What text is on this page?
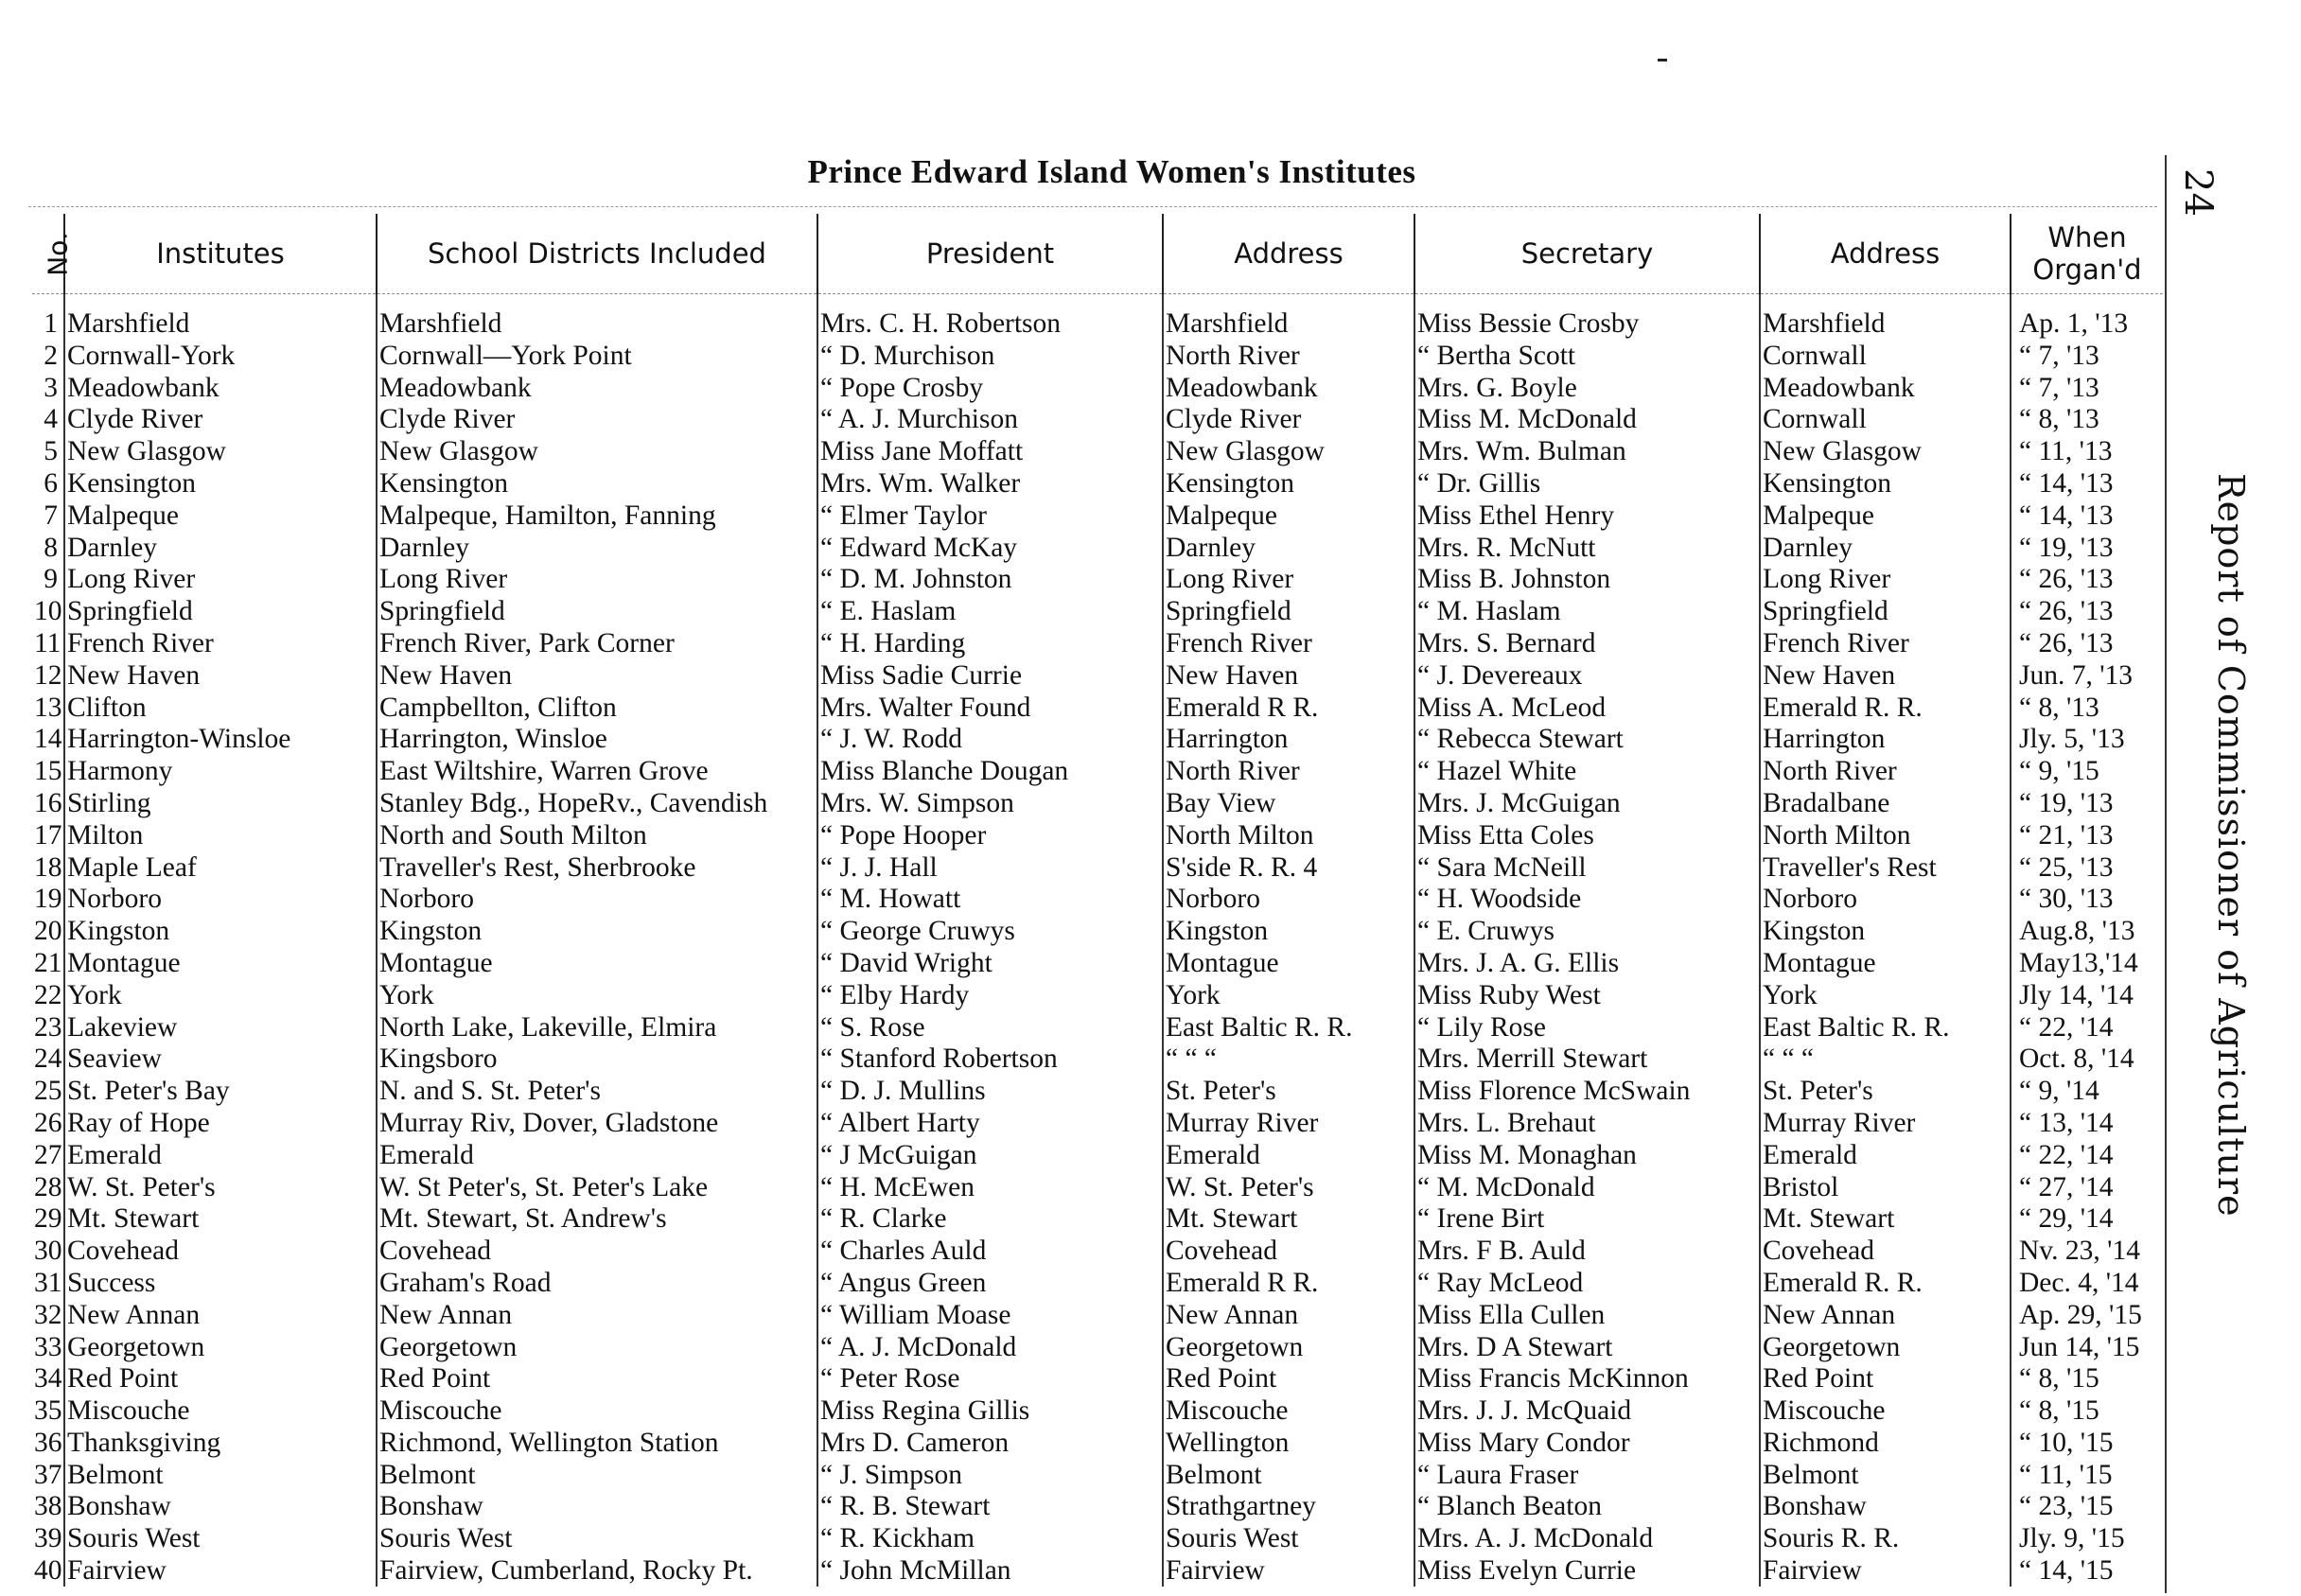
Prince Edward Island Women's Institutes	24
Report of Commissioner of Agriculture
No.	Institutes	School Districts Included	President	Address	Secretary	Address	When Organ'd
1	Marshfield	Marshfield	Mrs. C. H. Robertson	Marshfield	Miss Bessie Crosby	Marshfield	Ap. 1, '13
2	Cornwall-York	Cornwall—York Point	“ D. Murchison	North River	“ Bertha Scott	Cornwall	“ 7, '13
3	Meadowbank	Meadowbank	“ Pope Crosby	Meadowbank	Mrs. G. Boyle	Meadowbank	“ 7, '13
4	Clyde River	Clyde River	“ A. J. Murchison	Clyde River	Miss M. McDonald	Cornwall	“ 8, '13
5	New Glasgow	New Glasgow	Miss Jane Moffatt	New Glasgow	Mrs. Wm. Bulman	New Glasgow	“ 11, '13
6	Kensington	Kensington	Mrs. Wm. Walker	Kensington	“ Dr. Gillis	Kensington	“ 14, '13
7	Malpeque	Malpeque, Hamilton, Fanning	“ Elmer Taylor	Malpeque	Miss Ethel Henry	Malpeque	“ 14, '13
8	Darnley	Darnley	“ Edward McKay	Darnley	Mrs. R. McNutt	Darnley	“ 19, '13
9	Long River	Long River	“ D. M. Johnston	Long River	Miss B. Johnston	Long River	“ 26, '13
10	Springfield	Springfield	“ E. Haslam	Springfield	“ M. Haslam	Springfield	“ 26, '13
11	French River	French River, Park Corner	“ H. Harding	French River	Mrs. S. Bernard	French River	“ 26, '13
12	New Haven	New Haven	Miss Sadie Currie	New Haven	“ J. Devereaux	New Haven	Jun. 7, '13
13	Clifton	Campbellton, Clifton	Mrs. Walter Found	Emerald R R.	Miss A. McLeod	Emerald R. R.	“ 8, '13
14	Harrington-Winsloe	Harrington, Winsloe	“ J. W. Rodd	Harrington	“ Rebecca Stewart	Harrington	Jly. 5, '13
15	Harmony	East Wiltshire, Warren Grove	Miss Blanche Dougan	North River	“ Hazel White	North River	“ 9, '15
16	Stirling	Stanley Bdg., HopeRv., Cavendish	Mrs. W. Simpson	Bay View	Mrs. J. McGuigan	Bradalbane	“ 19, '13
17	Milton	North and South Milton	“ Pope Hooper	North Milton	Miss Etta Coles	North Milton	“ 21, '13
18	Maple Leaf	Traveller's Rest, Sherbrooke	“ J. J. Hall	S'side R. R. 4	“ Sara McNeill	Traveller's Rest	“ 25, '13
19	Norboro	Norboro	“ M. Howatt	Norboro	“ H. Woodside	Norboro	“ 30, '13
20	Kingston	Kingston	“ George Cruwys	Kingston	“ E. Cruwys	Kingston	Aug.8, '13
21	Montague	Montague	“ David Wright	Montague	Mrs. J. A. G. Ellis	Montague	May13,'14
22	York	York	“ Elby Hardy	York	Miss Ruby West	York	Jly 14, '14
23	Lakeview	North Lake, Lakeville, Elmira	“ S. Rose	East Baltic R. R.	“ Lily Rose	East Baltic R. R.	“ 22, '14
24	Seaview	Kingsboro	“ Stanford Robertson	“ “ “	Mrs. Merrill Stewart	“ “ “	Oct. 8, '14
25	St. Peter's Bay	N. and S. St. Peter's	“ D. J. Mullins	St. Peter's	Miss Florence McSwain	St. Peter's	“ 9, '14
26	Ray of Hope	Murray Riv, Dover, Gladstone	“ Albert Harty	Murray River	Mrs. L. Brehaut	Murray River	“ 13, '14
27	Emerald	Emerald	“ J McGuigan	Emerald	Miss M. Monaghan	Emerald	“ 22, '14
28	W. St. Peter's	W. St Peter's, St. Peter's Lake	“ H. McEwen	W. St. Peter's	“ M. McDonald	Bristol	“ 27, '14
29	Mt. Stewart	Mt. Stewart, St. Andrew's	“ R. Clarke	Mt. Stewart	“ Irene Birt	Mt. Stewart	“ 29, '14
30	Covehead	Covehead	“ Charles Auld	Covehead	Mrs. F B. Auld	Covehead	Nv. 23, '14
31	Success	Graham's Road	“ Angus Green	Emerald R R.	“ Ray McLeod	Emerald R. R.	Dec. 4, '14
32	New Annan	New Annan	“ William Moase	New Annan	Miss Ella Cullen	New Annan	Ap. 29, '15
33	Georgetown	Georgetown	“ A. J. McDonald	Georgetown	Mrs. D A Stewart	Georgetown	Jun 14, '15
34	Red Point	Red Point	“ Peter Rose	Red Point	Miss Francis McKinnon	Red Point	“ 8, '15
35	Miscouche	Miscouche	Miss Regina Gillis	Miscouche	Mrs. J. J. McQuaid	Miscouche	“ 8, '15
36	Thanksgiving	Richmond, Wellington Station	Mrs D. Cameron	Wellington	Miss Mary Condor	Richmond	“ 10, '15
37	Belmont	Belmont	“ J. Simpson	Belmont	“ Laura Fraser	Belmont	“ 11, '15
38	Bonshaw	Bonshaw	“ R. B. Stewart	Strathgartney	“ Blanch Beaton	Bonshaw	“ 23, '15
39	Souris West	Souris West	“ R. Kickham	Souris West	Mrs. A. J. McDonald	Souris R. R.	Jly. 9, '15
40	Fairview	Fairview, Cumberland, Rocky Pt.	“ John McMillan	Fairview	Miss Evelyn Currie	Fairview	“ 14, '15
